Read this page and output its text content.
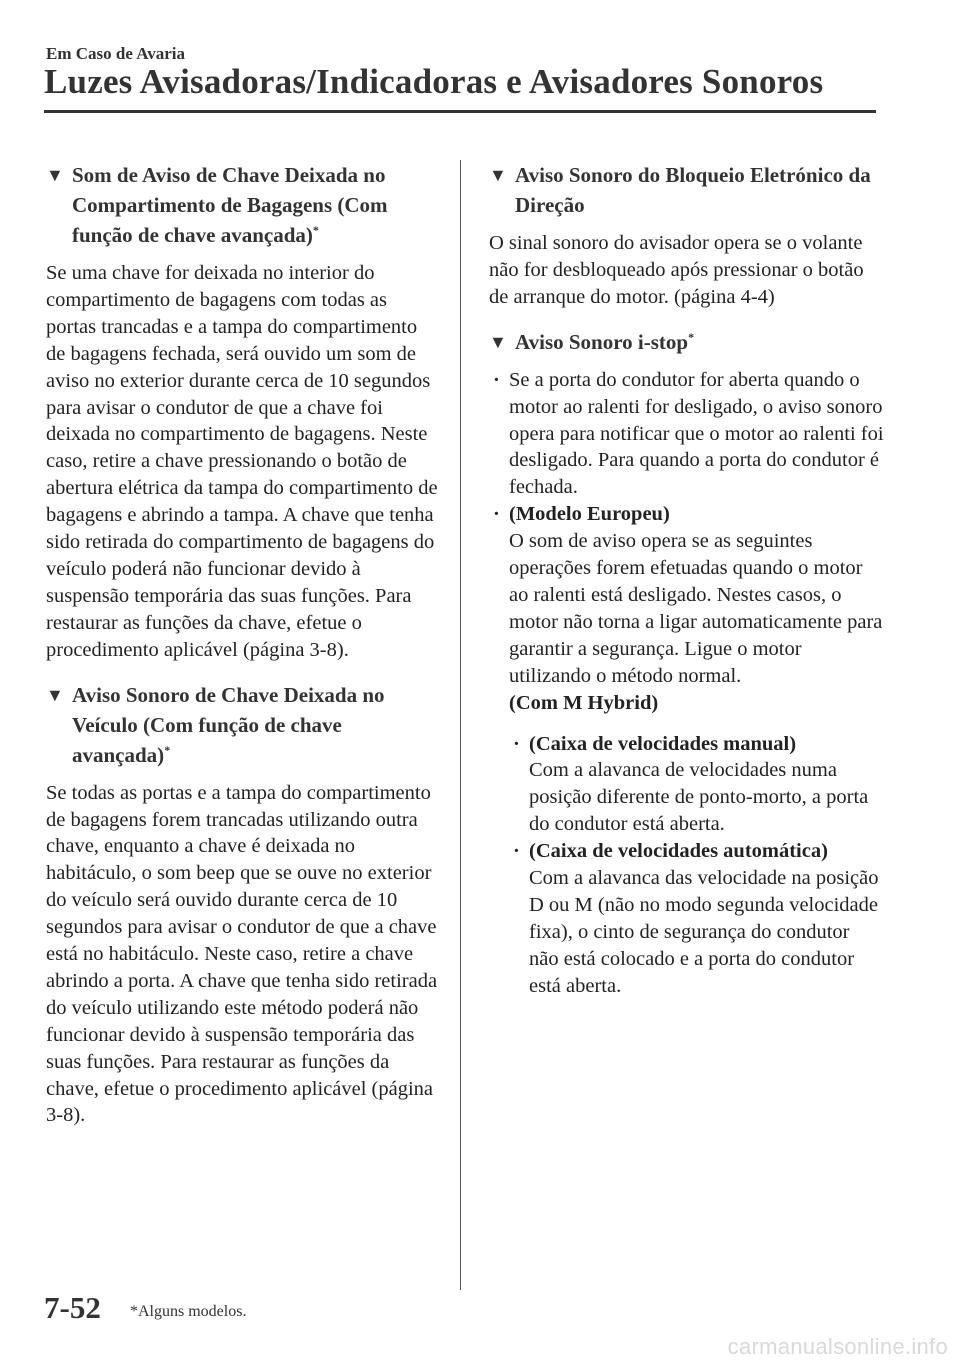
Em Caso de Avaria
Luzes Avisadoras/Indicadoras e Avisadores Sonoros
▼ Som de Aviso de Chave Deixada no Compartimento de Bagagens (Com função de chave avançada)*
Se uma chave for deixada no interior do compartimento de bagagens com todas as portas trancadas e a tampa do compartimento de bagagens fechada, será ouvido um som de aviso no exterior durante cerca de 10 segundos para avisar o condutor de que a chave foi deixada no compartimento de bagagens. Neste caso, retire a chave pressionando o botão de abertura elétrica da tampa do compartimento de bagagens e abrindo a tampa. A chave que tenha sido retirada do compartimento de bagagens do veículo poderá não funcionar devido à suspensão temporária das suas funções. Para restaurar as funções da chave, efetue o procedimento aplicável (página 3-8).
▼ Aviso Sonoro de Chave Deixada no Veículo (Com função de chave avançada)*
Se todas as portas e a tampa do compartimento de bagagens forem trancadas utilizando outra chave, enquanto a chave é deixada no habitáculo, o som beep que se ouve no exterior do veículo será ouvido durante cerca de 10 segundos para avisar o condutor de que a chave está no habitáculo. Neste caso, retire a chave abrindo a porta. A chave que tenha sido retirada do veículo utilizando este método poderá não funcionar devido à suspensão temporária das suas funções. Para restaurar as funções da chave, efetue o procedimento aplicável (página 3-8).
▼ Aviso Sonoro do Bloqueio Eletrónico da Direção
O sinal sonoro do avisador opera se o volante não for desbloqueado após pressionar o botão de arranque do motor. (página 4-4)
▼ Aviso Sonoro i-stop*
· Se a porta do condutor for aberta quando o motor ao ralenti for desligado, o aviso sonoro opera para notificar que o motor ao ralenti foi desligado. Para quando a porta do condutor é fechada.
· (Modelo Europeu)
O som de aviso opera se as seguintes operações forem efetuadas quando o motor ao ralenti está desligado. Nestes casos, o motor não torna a ligar automaticamente para garantir a segurança. Ligue o motor utilizando o método normal.
(Com M Hybrid)
· (Caixa de velocidades manual)
Com a alavanca de velocidades numa posição diferente de ponto-morto, a porta do condutor está aberta.
· (Caixa de velocidades automática)
Com a alavanca das velocidade na posição D ou M (não no modo segunda velocidade fixa), o cinto de segurança do condutor não está colocado e a porta do condutor está aberta.
7-52 *Alguns modelos.
carmanualsonline.info
